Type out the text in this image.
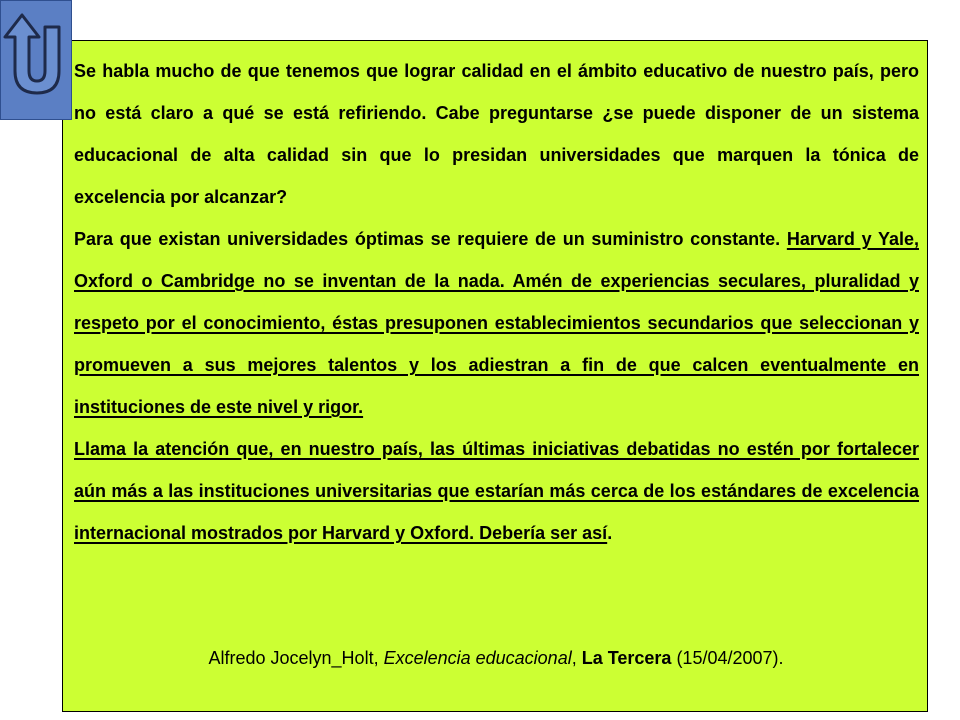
Se habla mucho de que tenemos que lograr calidad en el ámbito educativo de nuestro país, pero no está claro a qué se está refiriendo. Cabe preguntarse ¿se puede disponer de un sistema educacional de alta calidad sin que lo presidan universidades que marquen la tónica de excelencia por alcanzar?

Para que existan universidades óptimas se requiere de un suministro constante. Harvard y Yale, Oxford o Cambridge no se inventan de la nada. Amén de experiencias seculares, pluralidad y respeto por el conocimiento, éstas presuponen establecimientos secundarios que seleccionan y promueven a sus mejores talentos y los adiestran a fin de que calcen eventualmente en instituciones de este nivel y rigor.

Llama la atención que, en nuestro país, las últimas iniciativas debatidas no estén por fortalecer aún más a las instituciones universitarias que estarían más cerca de los estándares de excelencia internacional mostrados por Harvard y Oxford. Debería ser así.

Alfredo Jocelyn_Holt, Excelencia educacional, La Tercera (15/04/2007).
